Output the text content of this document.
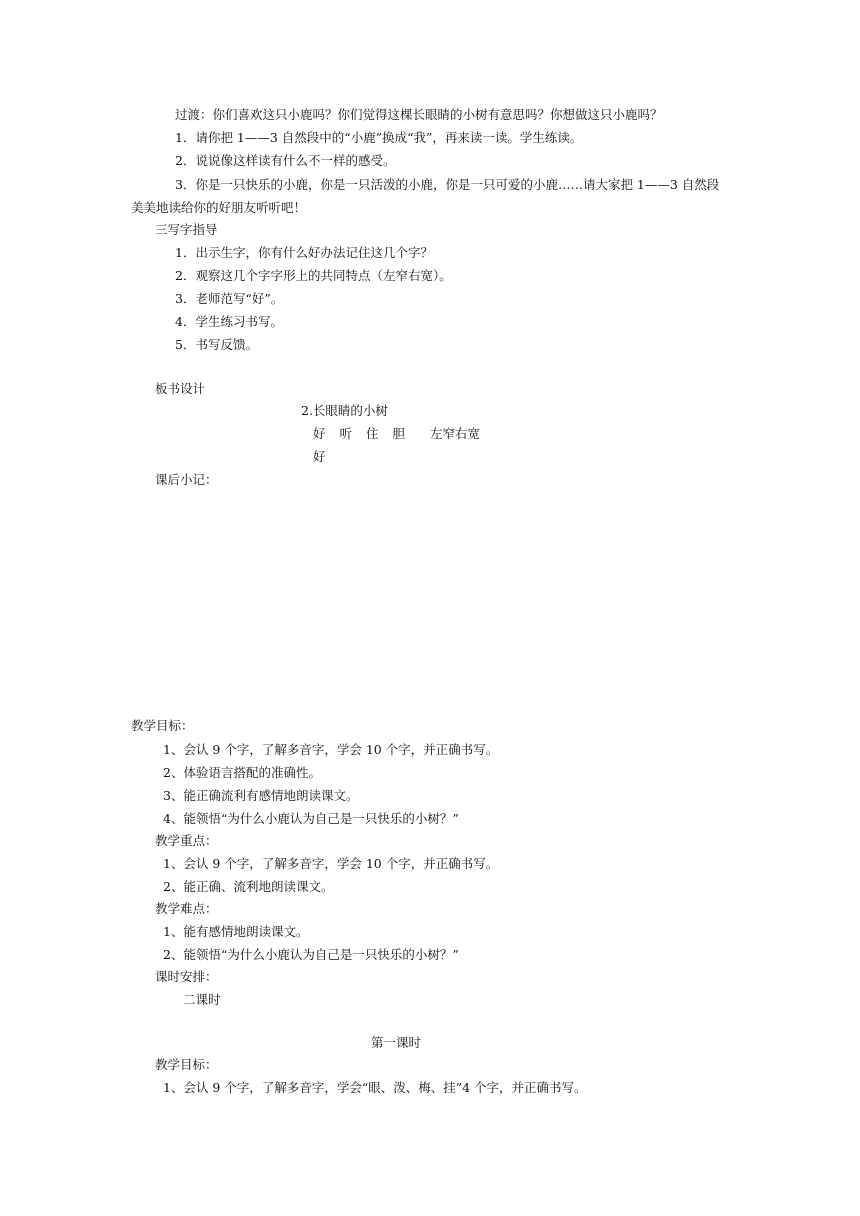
过渡：你们喜欢这只小鹿吗？你们觉得这棵长眼睛的小树有意思吗？你想做这只小鹿吗？
1．请你把 1——3 自然段中的“小鹿”换成“我”，再来读一读。学生练读。
2．说说像这样读有什么不一样的感受。
3．你是一只快乐的小鹿，你是一只活泼的小鹿，你是一只可爱的小鹿……请大家把 1——3 自然段
美美地读给你的好朋友听听吧！
三写字指导
1．出示生字，你有什么好办法记住这几个字？
2．观察这几个字字形上的共同特点（左窄右宽）。
3．老师范写“好”。
4．学生练习书写。
5．书写反馈。
板书设计
2.长眼睛的小树
好 听 住 胆	左窄右宽
好
课后小记：
教学目标：
1、会认 9 个字，了解多音字，学会 10 个字，并正确书写。
2、体验语言搭配的准确性。
3、能正确流利有感情地朗读课文。
4、能领悟“为什么小鹿认为自己是一只快乐的小树？”
教学重点：
1、会认 9 个字，了解多音字，学会 10 个字，并正确书写。
2、能正确、流利地朗读课文。
教学难点：
1、能有感情地朗读课文。
2、能领悟“为什么小鹿认为自己是一只快乐的小树？”
课时安排：
二课时
第一课时
教学目标：
1、会认 9 个字，了解多音字，学会“眼、泼、梅、挂”4 个字，并正确书写。
